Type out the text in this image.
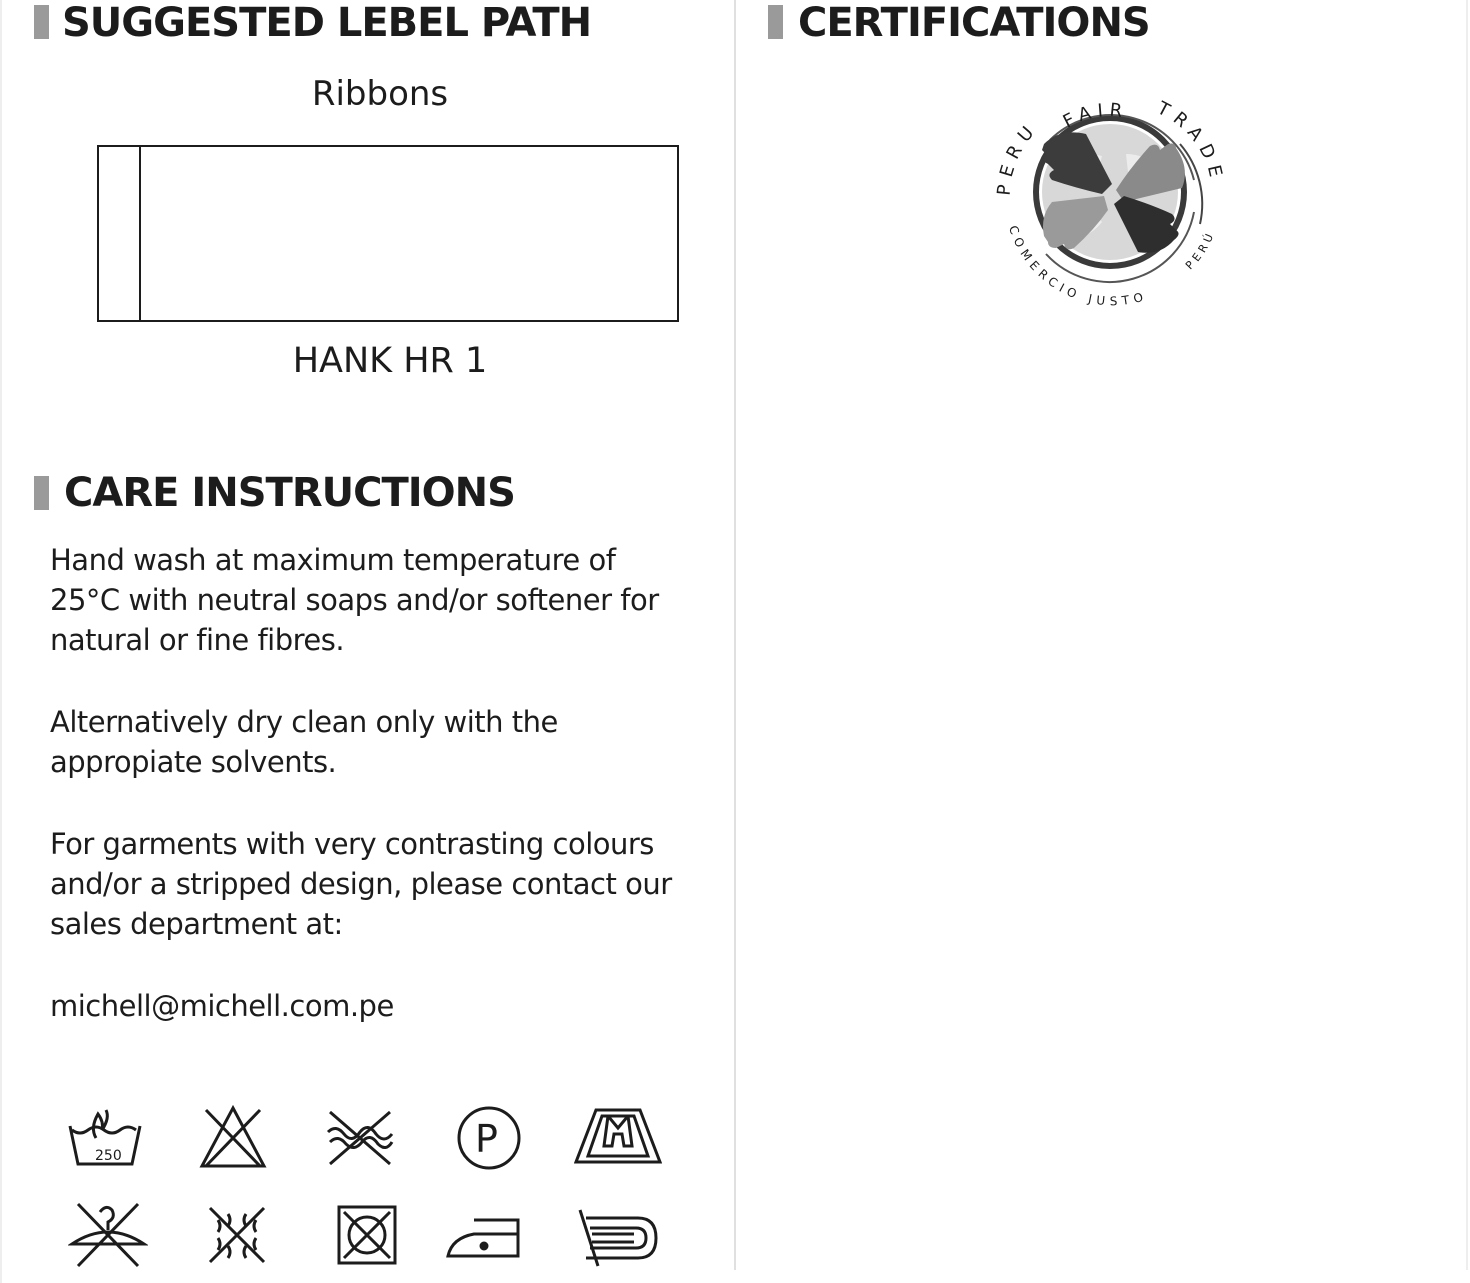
SUGGESTED LEBEL PATH
Ribbons
HANK HR 1
CARE INSTRUCTIONS

Hand wash at maximum temperature of 25°C with neutral soaps and/or softener for natural or fine fibres.

Alternatively dry clean only with the appropiate solvents.

For garments with very contrasting colours and/or a stripped design, please contact our sales department at:

michell@michell.com.pe

250	P
CERTIFICATIONS
FAIR TRADE
PERU
COMERCIO JUSTO
PERÚ
